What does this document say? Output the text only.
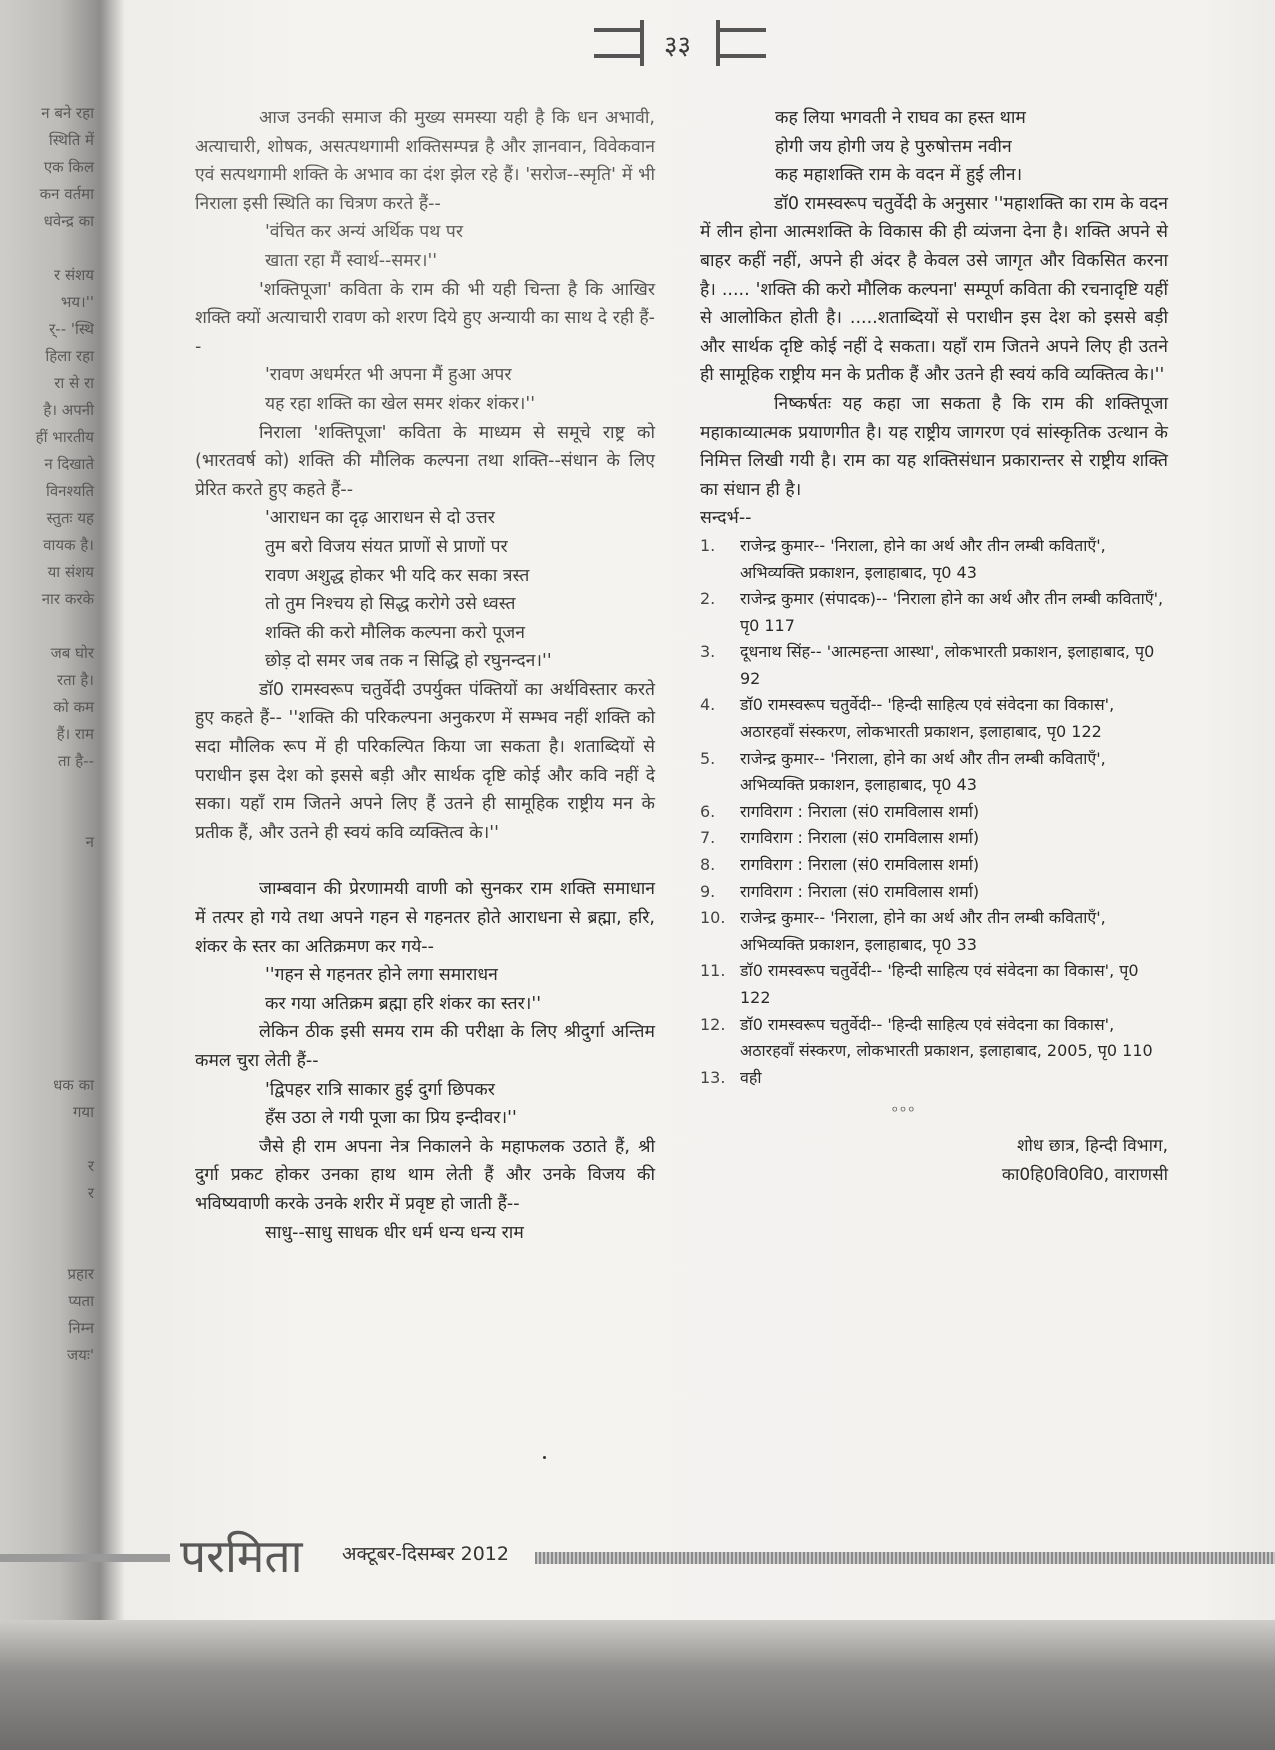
न बने रहा
स्थिति में
एक किल
कन वर्तमा
धवेन्द्र का

र संशय
भय।''
र्-- 'स्थि
हिला रहा
रा से रा
है। अपनी
हीं भारतीय
न दिखाते
विनश्यति
स्तुतः यह
वायक है।
या संशय
नार करके

जब घोर
रता है।
को कम
हैं। राम
ता है--

न

धक का
गया

र
र

प्रहार
प्यता
निम्न
जयः'
३३

आज उनकी समाज की मुख्य समस्या यही है कि धन अभावी, अत्याचारी, शोषक, असत्पथगामी शक्तिसम्पन्न है और ज्ञानवान, विवेकवान एवं सत्पथगामी शक्ति के अभाव का दंश झेल रहे हैं। 'सरोज--स्मृति' में भी निराला इसी स्थिति का चित्रण करते हैं--

'वंचित कर अन्यं अर्थिक पथ पर
खाता रहा मैं स्वार्थ--समर।''

'शक्तिपूजा' कविता के राम की भी यही चिन्ता है कि आखिर शक्ति क्यों अत्याचारी रावण को शरण दिये हुए अन्यायी का साथ दे रही हैं--

'रावण अधर्मरत भी अपना मैं हुआ अपर
यह रहा शक्ति का खेल समर शंकर शंकर।''

निराला 'शक्तिपूजा' कविता के माध्यम से समूचे राष्ट्र को (भारतवर्ष को) शक्ति की मौलिक कल्पना तथा शक्ति--संधान के लिए प्रेरित करते हुए कहते हैं--

'आराधन का दृढ़ आराधन से दो उत्तर
तुम बरो विजय संयत प्राणों से प्राणों पर
रावण अशुद्ध होकर भी यदि कर सका त्रस्त
तो तुम निश्चय हो सिद्ध करोगे उसे ध्वस्त
शक्ति की करो मौलिक कल्पना करो पूजन
छोड़ दो समर जब तक न सिद्धि हो रघुनन्दन।''

डॉ0 रामस्वरूप चतुर्वेदी उपर्युक्त पंक्तियों का अर्थविस्तार करते हुए कहते हैं-- ''शक्ति की परिकल्पना अनुकरण में सम्भव नहीं शक्ति को सदा मौलिक रूप में ही परिकल्पित किया जा सकता है। शताब्दियों से पराधीन इस देश को इससे बड़ी और सार्थक दृष्टि कोई और कवि नहीं दे सका। यहाँ राम जितने अपने लिए हैं उतने ही सामूहिक राष्ट्रीय मन के प्रतीक हैं, और उतने ही स्वयं कवि व्यक्तित्व के।''

जाम्बवान की प्रेरणामयी वाणी को सुनकर राम शक्ति समाधान में तत्पर हो गये तथा अपने गहन से गहनतर होते आराधना से ब्रह्मा, हरि, शंकर के स्तर का अतिक्रमण कर गये--

''गहन से गहनतर होने लगा समाराधन
कर गया अतिक्रम ब्रह्मा हरि शंकर का स्तर।''

लेकिन ठीक इसी समय राम की परीक्षा के लिए श्रीदुर्गा अन्तिम कमल चुरा लेती हैं--

'द्विपहर रात्रि साकार हुई दुर्गा छिपकर
हँस उठा ले गयी पूजा का प्रिय इन्दीवर।''

जैसे ही राम अपना नेत्र निकालने के महाफलक उठाते हैं, श्री दुर्गा प्रकट होकर उनका हाथ थाम लेती हैं और उनके विजय की भविष्यवाणी करके उनके शरीर में प्रवृष्ट हो जाती हैं--

साधु--साधु साधक धीर धर्म धन्य धन्य राम
कह लिया भगवती ने राघव का हस्त थाम
होगी जय होगी जय हे पुरुषोत्तम नवीन
कह महाशक्ति राम के वदन में हुई लीन।

डॉ0 रामस्वरूप चतुर्वेदी के अनुसार ''महाशक्ति का राम के वदन में लीन होना आत्मशक्ति के विकास की ही व्यंजना देना है। शक्ति अपने से बाहर कहीं नहीं, अपने ही अंदर है केवल उसे जागृत और विकसित करना है। ..... 'शक्ति की करो मौलिक कल्पना' सम्पूर्ण कविता की रचनादृष्टि यहीं से आलोकित होती है। .....शताब्दियों से पराधीन इस देश को इससे बड़ी और सार्थक दृष्टि कोई नहीं दे सकता। यहाँ राम जितने अपने लिए ही उतने ही सामूहिक राष्ट्रीय मन के प्रतीक हैं और उतने ही स्वयं कवि व्यक्तित्व के।''

निष्कर्षतः यह कहा जा सकता है कि राम की शक्तिपूजा महाकाव्यात्मक प्रयाणगीत है। यह राष्ट्रीय जागरण एवं सांस्कृतिक उत्थान के निमित्त लिखी गयी है। राम का यह शक्तिसंधान प्रकारान्तर से राष्ट्रीय शक्ति का संधान ही है।

सन्दर्भ--

1.	राजेन्द्र कुमार-- 'निराला, होने का अर्थ और तीन लम्बी कविताएँ', अभिव्यक्ति प्रकाशन, इलाहाबाद, पृ0 43
2.	राजेन्द्र कुमार (संपादक)-- 'निराला होने का अर्थ और तीन लम्बी कविताएँ', पृ0 117
3.	दूधनाथ सिंह-- 'आत्महन्ता आस्था', लोकभारती प्रकाशन, इलाहाबाद, पृ0 92
4.	डॉ0 रामस्वरूप चतुर्वेदी-- 'हिन्दी साहित्य एवं संवेदना का विकास', अठारहवाँ संस्करण, लोकभारती प्रकाशन, इलाहाबाद, पृ0 122
5.	राजेन्द्र कुमार-- 'निराला, होने का अर्थ और तीन लम्बी कविताएँ', अभिव्यक्ति प्रकाशन, इलाहाबाद, पृ0 43
6.	रागविराग : निराला (सं0 रामविलास शर्मा)
7.	रागविराग : निराला (सं0 रामविलास शर्मा)
8.	रागविराग : निराला (सं0 रामविलास शर्मा)
9.	रागविराग : निराला (सं0 रामविलास शर्मा)
10. राजेन्द्र कुमार-- 'निराला, होने का अर्थ और तीन लम्बी कविताएँ', अभिव्यक्ति प्रकाशन, इलाहाबाद, पृ0 33
11. डॉ0 रामस्वरूप चतुर्वेदी-- 'हिन्दी साहित्य एवं संवेदना का विकास', पृ0 122
12. डॉ0 रामस्वरूप चतुर्वेदी-- 'हिन्दी साहित्य एवं संवेदना का विकास', अठारहवाँ संस्करण, लोकभारती प्रकाशन, इलाहाबाद, 2005, पृ0 110
13. वही
०००
शोध छात्र, हिन्दी विभाग,
का0हि0वि0वि0, वाराणसी
परमिता अक्टूबर-दिसम्बर 2012
